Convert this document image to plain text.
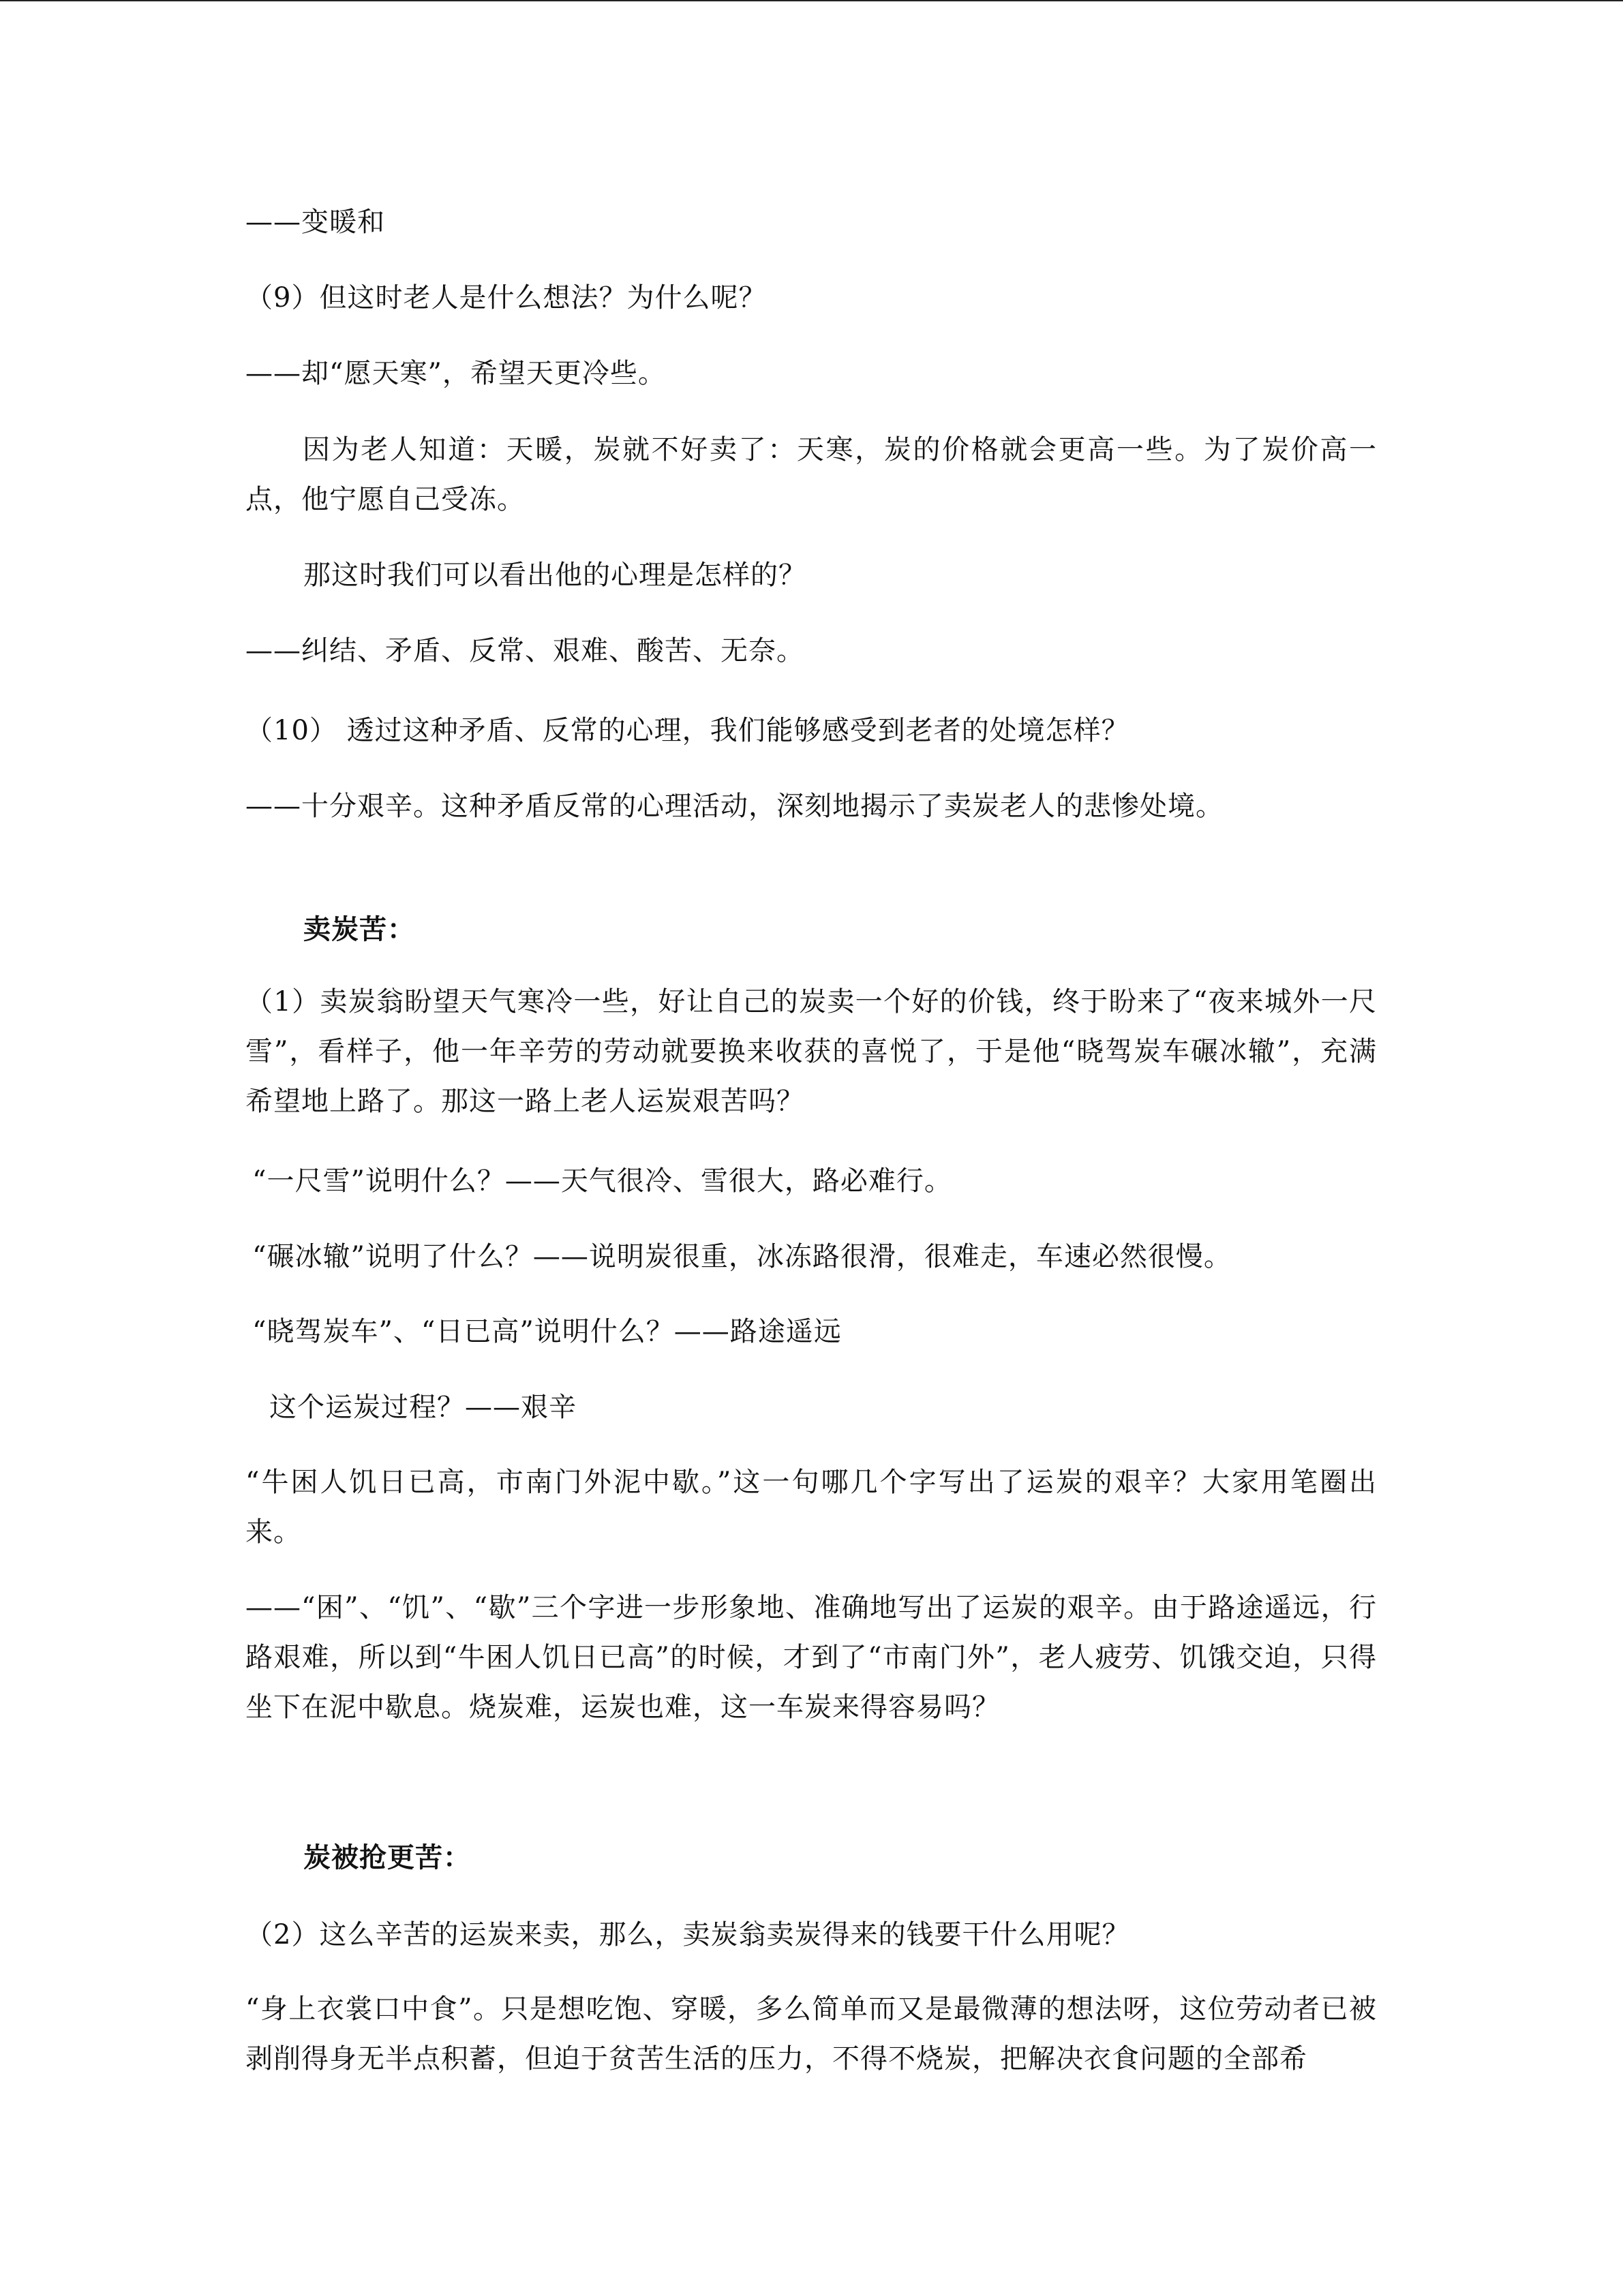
——变暖和
（9）但这时老人是什么想法？为什么呢？
——却“愿天寒”，希望天更冷些。
因为老人知道：天暖，炭就不好卖了：天寒，炭的价格就会更高一些。为了炭价高一点，他宁愿自己受冻。
那这时我们可以看出他的心理是怎样的？
——纠结、矛盾、反常、艰难、酸苦、无奈。
（10） 透过这种矛盾、反常的心理，我们能够感受到老者的处境怎样？
——十分艰辛。这种矛盾反常的心理活动，深刻地揭示了卖炭老人的悲惨处境。
卖炭苦：
（1）卖炭翁盼望天气寒冷一些，好让自己的炭卖一个好的价钱，终于盼来了“夜来城外一尺雪”，看样子，他一年辛劳的劳动就要换来收获的喜悦了，于是他“晓驾炭车碾冰辙”，充满希望地上路了。那这一路上老人运炭艰苦吗？
“一尺雪”说明什么？——天气很冷、雪很大，路必难行。
“碾冰辙”说明了什么？——说明炭很重，冰冻路很滑，很难走，车速必然很慢。
“晓驾炭车”、“日已高”说明什么？——路途遥远
这个运炭过程？——艰辛
“牛困人饥日已高，市南门外泥中歇。”这一句哪几个字写出了运炭的艰辛？大家用笔圈出来。
——“困”、“饥”、“歇”三个字进一步形象地、准确地写出了运炭的艰辛。由于路途遥远，行路艰难，所以到“牛困人饥日已高”的时候，才到了“市南门外”，老人疲劳、饥饿交迫，只得坐下在泥中歇息。烧炭难，运炭也难，这一车炭来得容易吗？
炭被抢更苦：
（2）这么辛苦的运炭来卖，那么，卖炭翁卖炭得来的钱要干什么用呢？
“身上衣裳口中食”。只是想吃饱、穿暖，多么简单而又是最微薄的想法呀，这位劳动者已被剥削得身无半点积蓄，但迫于贫苦生活的压力，不得不烧炭，把解决衣食问题的全部希
